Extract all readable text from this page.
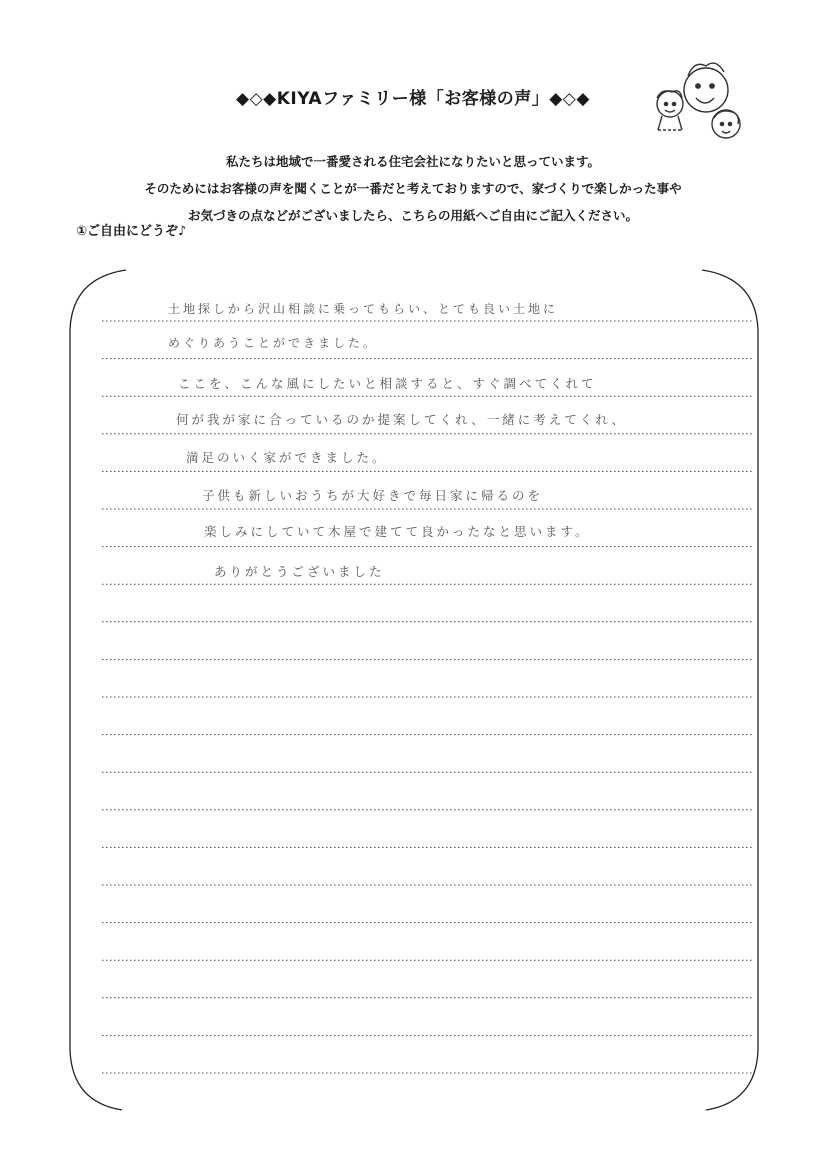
◆◇◆KIYAファミリー様「お客様の声」◆◇◆
私たちは地域で一番愛される住宅会社になりたいと思っています。
そのためにはお客様の声を聞くことが一番だと考えておりますので、家づくりで楽しかった事や
お気づきの点などがございましたら、こちらの用紙へご自由にご記入ください。
①ご自由にどうぞ♪
土地探しから沢山相談に乗ってもらい、とても良い土地に
めぐりあうことができました。
ここを、こんな風にしたいと相談すると、すぐ調べてくれて
何が我が家に合っているのか提案してくれ、一緒に考えてくれ、
満足のいく家ができました。
子供も新しいおうちが大好きで毎日家に帰るのを
楽しみにしていて木屋で建てて良かったなと思います。
ありがとうございました
